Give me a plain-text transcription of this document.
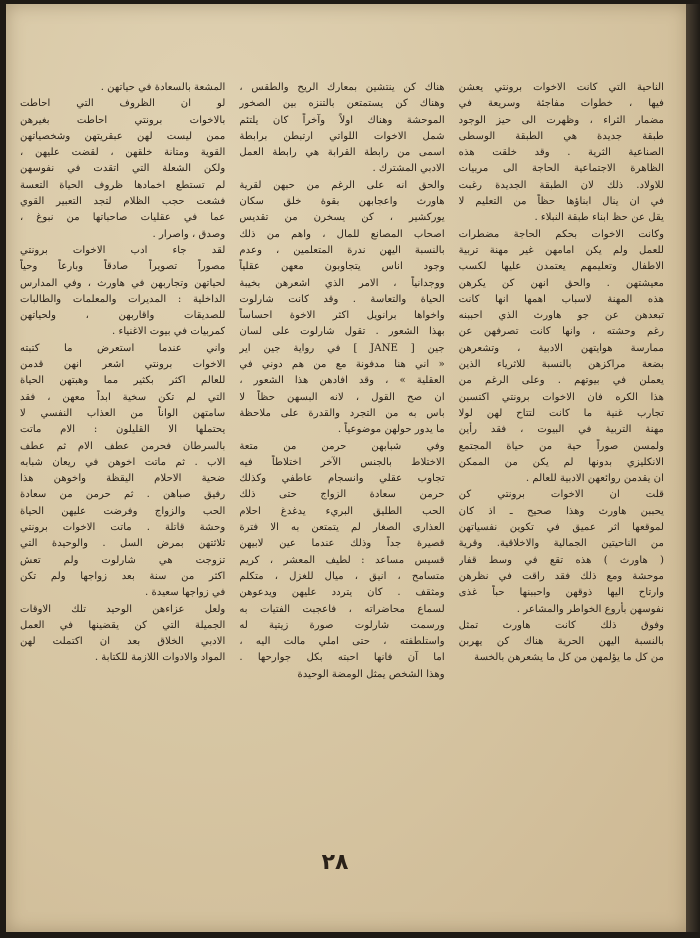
الناحية التي كانت الاخوات برونتي يعشن
فيها ، خطوات مفاجئة وسريعة في
مضمار الثراء ، وظهرت الى حيز الوجود
طبقة جديدة هي الطبقة الوسطى
الصناعية الثرية . وقد خلقت هذه
الظاهرة الاجتماعية الحاجة الى مربيات
للاولاد. ذلك لان الطبقة الجديدة رغبت
في ان ينال ابناؤها حظاً من التعليم لا
يقل عن حظ ابناء طبقة النبلاء .
وكانت الاخوات بحكم الحاجة مضطرات
للعمل ولم يكن امامهن غير مهنة تربية
الاطفال وتعليمهم يعتمدن عليها لكسب
معيشتهن . والحق انهن كن يكرهن
هذه المهنة لاسباب اهمها انها كانت
تبعدهن عن جو هاورث الذي احببنه
رغم وحشته ، وانها كانت تصرفهن عن
ممارسة هوايتهن الادبية ، وتشعرهن
بضعة مراكزهن بالنسبة للاثرياء الذين
يعملن في بيوتهم . وعلى الرغم من
هذا الكره فان الاخوات برونتي اكتسبن
تجارب غنية ما كانت لتتاح لهن لولا
مهنة التربية في البيوت ، فقد رأين
ولمسن صوراً حية من حياة المجتمع
الانكليزي بدونها لم يكن من الممكن
ان يقدمن روائعهن الادبية للعالم .
قلت ان الاخوات برونتي كن
يحببن هاورث وهذا صحيح ـ اذ كان
لموقعها اثر عميق في تكوين نفسياتهن
من الناحيتين الجمالية والاخلاقية. وقرية
( هاورث ) هذه تقع في وسط قفار
موحشة ومع ذلك فقد راقت في نظرهن
وارتاح اليها ذوقهن واحببنها حباً غذى
نفوسهن بأروع الخواطر والمشاعر .
وفوق ذلك كانت هاورث تمثل
بالنسبة اليهن الحرية هناك كن يهربن
من كل ما يؤلمهن من كل ما يشعرهن بالخسة
هناك كن ينتشين بمعارك الريح والطقس ،
وهناك كن يستمتعن بالتنزه بين الصخور
الموحشة وهناك اولاً وآخراً كان يلتئم
شمل الاخوات اللواتي ارتبطن برابطة
اسمى من رابطة القرابة هي رابطة العمل
الادبي المشترك .
والحق انه على الرغم من حبهن لقرية
هاورث واعجابهن بقوة خلق سكان
يوركشير ، كن يسخرن من تقديس
اصحاب المصانع للمال ، واهم من ذلك
بالنسبة اليهن ندرة المتعلمين ، وعدم
وجود اناس يتجاوبون معهن عقلياً
ووجدانياً ، الامر الذي اشعرهن بخيبة
الحياة والتعاسة . وقد كانت شارلوت
واخواها برانويل اكثر الاخوة احساساً
بهذا الشعور . تقول شارلوت على لسان
جين [ JANE ] في رواية جين اير
« اني هنا مدفونة مع من هم دوني في
العقلية » ، وقد افادهن هذا الشعور ،
ان صح القول ، لانه البسهن حظاً لا
باس به من التجرد والقدرة على ملاحظة
ما يدور حولهن موضوعياً .
وفي شبابهن حرمن من متعة
الاختلاط بالجنس الآخر اختلاطاً فيه
تجاوب عقلي وانسجام عاطفي وكذلك
حرمن سعادة الزواج حتى ذلك
الحب الطليق البريء يدغدغ احلام
العذارى الصغار لم يتمتعن به الا فترة
قصيرة جداً وذلك عندما عين لابيهن
قسيس مساعد : لطيف المعشر ، كريم
متسامح ، انيق ، ميال للغزل ، متكلم
ومثقف . كان يتردد عليهن ويدعوهن
لسماع محاضراته ، فاعجبت الفتيات به
ورسمت شارلوت صورة زيتية له
واستلطفته ، حتى املي مالت اليه ،
اما آن فانها احبته بكل جوارحها .
وهذا الشخص يمثل الومضة الوحيدة
المشعة بالسعادة في حياتهن .
لو ان الظروف التي احاطت
بالاخوات برونتي احاطت بغيرهن
ممن ليست لهن عبقريتهن وشخصياتهن
القوية ومتانة خلقهن ، لقضت عليهن ،
ولكن الشعلة التي اتقدت في نفوسهن
لم تستطع اخمادها ظروف الحياة التعسة
فشعت حجب الظلام لتجد التعبير القوي
عما في عقليات صاحباتها من نبوغ ،
وصدق ، واصرار .
لقد جاء ادب الاخوات برونتي
مصوراً تصويراً صادقاً وبارعاً وحياً
لحياتهن وتجاربهن في هاورث ، وفي المدارس
الداخلية : المديرات والمعلمات والطالبات
للصديقات واقاربهن ، ولحياتهن
كمربيات في بيوت الاغنياء .
واني عندما استعرض ما كتبته
الاخوات برونتي اشعر انهن قدمن
للعالم اكثر بكثير مما وهبتهن الحياة
التي لم تكن سخية ابداً معهن ، فقد
سامتهن الواناً من العذاب النفسي لا
يحتملها الا القليلون : الام ماتت
بالسرطان فحرمن عطف الام ثم عطف
الاب . ثم ماتت اخوهن في ريعان شبابه
ضحية الاحلام اليقظة واخوهن هذا
رفيق صباهن . ثم حرمن من سعادة
الحب والزواج وفرضت عليهن الحياة
وحشة قاتلة . ماتت الاخوات برونتي
ثلاثتهن بمرض السل . والوحيدة التي
تزوجت هي شارلوت ولم تعش
اكثر من سنة بعد زواجها ولم تكن
في زواجها سعيدة .
ولعل عزاءهن الوحيد تلك الاوقات
الجميلة التي كن يقضينها في العمل
الادبي الخلاق بعد ان اكتملت لهن
المواد والادوات اللازمة للكتابة .
٢٨
